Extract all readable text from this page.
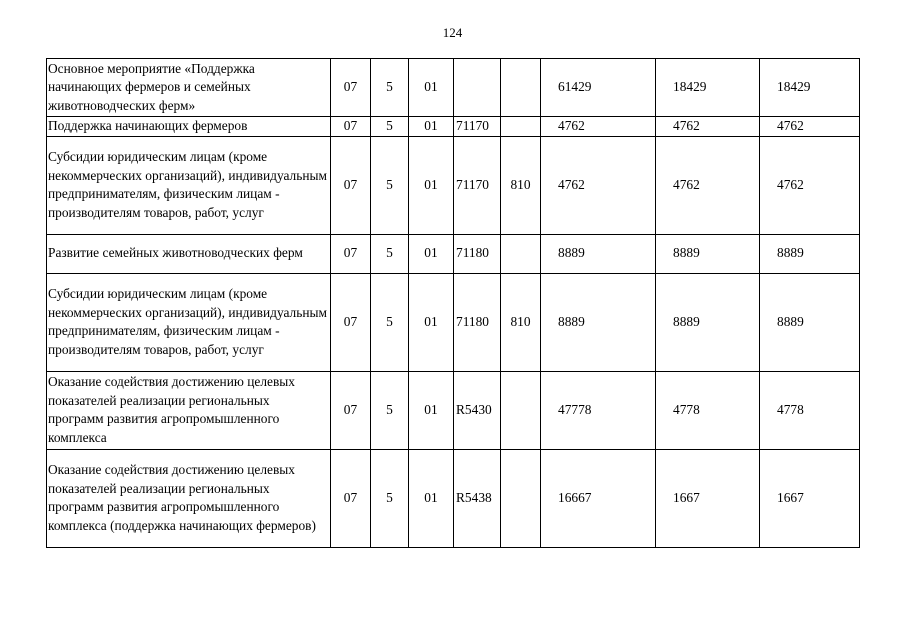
124
Основное мероприятие «Поддержка начинающих фермеров и семейных животноводческих ферм»	07	5	01			61429	18429	18429
Поддержка начинающих фермеров	07	5	01	71170		4762	4762	4762
Субсидии юридическим лицам (кроме некоммерческих организаций), индивидуальным предпринимателям, физическим лицам - производителям товаров, работ, услуг	07	5	01	71170	810	4762	4762	4762
Развитие семейных животноводческих ферм	07	5	01	71180		8889	8889	8889
Субсидии юридическим лицам (кроме некоммерческих организаций), индивидуальным предпринимателям, физическим лицам - производителям товаров, работ, услуг	07	5	01	71180	810	8889	8889	8889
Оказание содействия достижению целевых показателей реализации региональных программ развития агропромышленного комплекса	07	5	01	R5430		47778	4778	4778
Оказание содействия достижению целевых показателей реализации региональных программ развития агропромышленного комплекса (поддержка начинающих фермеров)	07	5	01	R5438		16667	1667	1667
